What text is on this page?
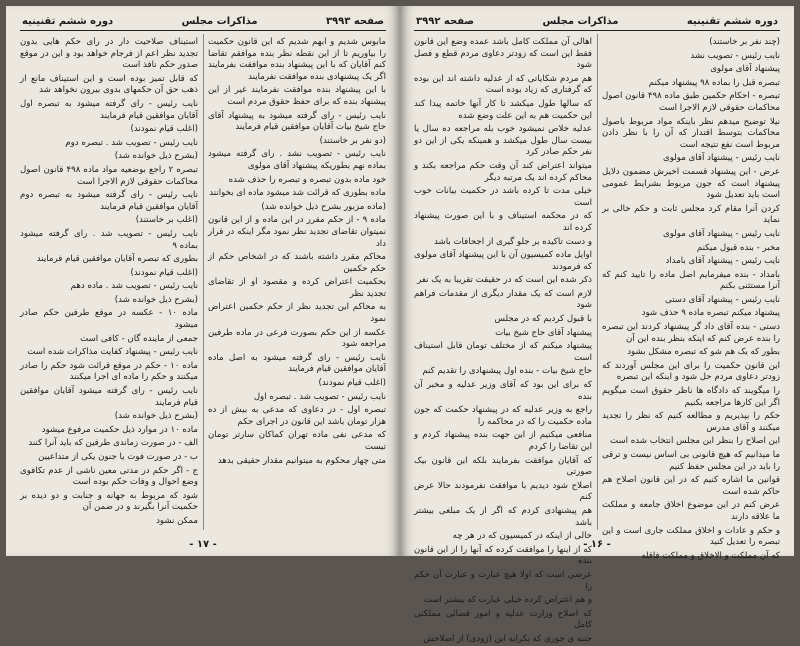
صفحه ۳۹۹۳
مذاکرات مجلس
دوره ششم تقنینیه

مابوس شدیم و ابهم شدیم که این قانون حکمیت را بیاوریم تا از این نقطه نظر بنده موافقم تقاضا کنم آقایان که با این پیشنهاد بنده موافقت بفرمایند اگر یک پیشنهادی بنده موافقت نفرمایند

با این پیشنهاد بنده موافقت نفرمایند غیر از این پیشنهاد بنده که برای حفظ حقوق مردم است

نایب رئیس - رای گرفته میشود به پیشنهاد آقای حاج شیخ بیات آقایان موافقین قیام فرمایند

(دو نفر بر خاستند)

نایب رئیس - تصویب نشد . رای گرفته میشود بماده نهم بطوریکه پیشنهاد آقای مولوی

خود ماده بدون تبصره و تبصره را حذف شده

ماده بطوری که قرائت شد میشود ماده ای بخوانند

(ماده مزبور بشرح ذیل خوانده شد)

ماده ۹ - از حکم مقرر در این ماده و از این قانون نمیتوان تقاضای تجدید نظر نمود مگر اینکه در قرار داد

محاکم مقرر داشته باشند که در اشخاص حکم از حکم حکمین

بحکمیت اعتراض کرده و مقصود او از تقاضای تجدید نظر

به محاکم این تجدید نظر از حکم حکمین اعتراض نمود

عکسه از این حکم بصورت فرعی در ماده طرفین مراجعه شود

نایب رئیس - رای گرفته میشود به اصل ماده آقایان موافقین قیام فرمایند

(اغلب قیام نمودند)

نایب رئیس - تصویب شد . تبصره اول

تبصره اول - در دعاوی که مدعی به بیش از ده هزار تومان باشد این قانون در اجرای حکم

که مدعی نفی ماده تهران کماکان سارتر تومان تیست

متی چهار محکوم به میتوانیم مقدار حقیقی بدهد

استیناف صلاحیت دار در رای حکم هایی بدون تجدید نظر اعم از فرجام خواهد بود و این در موقع صدور حکم نافذ است

که قابل تمیز بوده است و این استیناف مانع از ذهب حق آن حکمهای بدوی بیرون نخواهد شد

نایب رئیس - رای گرفته میشود به تبصره اول آقایان موافقین قیام فرمایند

(اغلب قیام نمودند)

نایب رئیس - تصویب شد . تبصره دوم

(بشرح ذیل خوانده شد)

تبصره ۲ راجع بوضعیه مواد ماده ۴۹۸ قانون اصول محاکمات حقوقی لازم الاجرا است

نایب رئیس - رای گرفته میشود به تبصره دوم آقایان موافقین قیام فرمایند

(اغلب بر خاستند)

نایب رئیس - تصویب شد . رای گرفته میشود بماده ۹

بطوری که تبصره آقایان موافقین قیام فرمایند

(اغلب قیام نمودند)

نایب رئیس - تصویب شد . ماده دهم

(بشرح ذیل خوانده شد)

ماده ۱۰ - عکسه در موقع طرفین حکم صادر میشود

جمعی از ماینده گان - کافی است

نایب رئیس - پیشنهاد کفایت مذاکرات شده است

ماده ۱۰ - حکم در موقع قرائت شود حکم را صادر میکنند و حکم را ماده ای اجرا میکنند

نایب رئیس - رای گرفته میشود آقایان موافقین قیام فرمایند

(بشرح ذیل خوانده شد)

ماده ۱۰ در موارد ذیل حکمیت مرفوع میشود

الف - در صورت زماندی طرفین که باید آنرا کنند

ب - در صورت فوت یا جنون یکی از متداعیین

ج - اگر حکم در مدتی معین ناشی از عدم تکافوی وضع احوال و وفات حکم بوده است

شود که مربوط به جهانه و جنابت و دو دیده بر حکمیت آنرا بگیرند و در ضمن آن

ممکن نشود

- ۱۷ -
دوره ششم تقنینیه
مذاکرات مجلس
صفحه ۳۹۹۲

(چند نفر بر خاستند)

نایب رئیس - تصویب نشد

پیشنهاد آقای مولوی

تبصره قبل را بماده ۹۸ پیشنهاد میکنم

تبصره - احکام حکمین طبق ماده ۴۹۸ قانون اصول محاکمات حقوقی لازم الاجرا است

نیلا توضیح میدهم نظر باینکه مواد مربوط باصول محاکمات بتوسط اقتدار که آن را با نظر دادن مربوط است نفع نتیجه است

نایب رئیس - پیشنهاد آقای مولوی

عرض - این پیشنهاد قسمت اخیرش مضمون دلایل پیشنهاد است که جون مربوط بشرایط عمومی است باید تعدیل شود

کردن آنرا مقام کرد مجلس ثابت و حکم خالی بر نماید

نایب رئیس - پیشنهاد آقای مولوی

مخبر - بنده قبول میکنم

نایب رئیس - پیشنهاد آقای بامداد

بامداد - بنده میفرمایم اصل ماده را تایید کنم که آنرا مستثنی بکنم

نایب رئیس - پیشنهاد آقای دستی

پیشنهاد میکنم تبصره ماده ۹ حذف شود

دستی - بنده آقای داد گر پیشنهاد کردند این تبصره را بنده عرض کنم که اینکه بنظر بنده این آن

بطور که یک هم شو که تبصره مشکل بشود

این قانون حکمیت را برای این مجلس آوردند که زودتر دعاوی مردم حل شود و اینکه این تبصره

را میگویند که دادگاه ها ناظر حقوق است میگویم اگر این کارها مراجعه بکنیم

حکم را بپذیریم و مطالعه کنیم که نظر را تجدید میکنند و آقای مدرس

این اصلاح را بنظر این مجلس انتخاب شده است

ما میدانیم که هیچ قانونی بی اساس نیست و ترقی را باید در این مجلس حفظ کنیم

قوانین ما اشاره کنیم که در این قانون اصلاح هم حاکم شده است

عرض کنم در این موضوع اخلاق جامعه و مملکت ما علاقه دارند

و حکم و عادات و اخلاق مملکت جاری است و این تبصره را تعدیل کنید

که آن مملکت و الاخلاق و مملکت فاقله

اهالی آن مملکت کامل باشد عمده وضع این قانون فقط این است که زودتر دعاوی مردم قطع و فصل شود

هم مردم شکایاتی که از عدلیه داشته اند این بوده که گرفتاری که زیاد بوده است

که سالها طول میکشد تا کار آنها خاتمه پیدا کند این حکمیت هم به این علت وضع شده

عدلیه خلاص نمیشود خوب بله مراجعه ده سال یا بیست سال طول میکشد و همینکه یکی از این دو نفر حکم صادر کرد

میتواند اعتراض کند آن وقت حکم مراجعه بکند و محاکم کرده اند یک مرتبه دیگر

خیلی مدت تا کرده باشد در حکمیت بیانات خوب است

که در محکمه استیناف و با این صورت پیشنهاد کرده اند

و دست تاکیده بر جلو گیری از اجحافات باشد

اوایل ماده کمیسیون آن با این پیشنهاد آقای مولوی که فرمودند

ذکر شده این است که در حقیقت تقریبا به یک نفر

لازم است که یک مقدار دیگری از مقدمات فراهم شود

با قبول کردیم که در مجلس

پیشنهاد آقای حاج شیخ بیات

پیشنهاد میکنم که از مختلف تومان قابل استیناف است

حاج شیخ بیات - بنده اول پیشنهادی را تقدیم کنم

که برای این بود که آقای وزیر عدلیه و مخبر آن بنده

راجع به وزیر عدلیه که در پیشنهاد حکمت که جون ماده حکمیت را که در محاکمه را

منافعی میکنیم از این جهت بنده پیشنهاد کردم و این تقاضا را کردم

که آقایان موافقت بفرمایند بلکه این قانون بیک صورتی

اصلاح شود دیدیم با موافقت نفرمودند حالا عرض کنم

هم پیشنهادی کردم که اگر از یک مبلغی بیشتر باشد

خالی از اینکه در کمیسیون که در هر چه

که از اینها را موافقت کرده که آنها را از این قانون بنده

عرضی است که اولا هیچ عبارت و عبارت آن حکم را

و هم اعتراض کرده خیلی عبارت که بیشتر است

که اصلاح وزارت عدلیه و امور قضائی مملکتی کامل

جنبه ی جوری که بکرایه این (ژودی) از اصلاحش

- ۱۶ -
